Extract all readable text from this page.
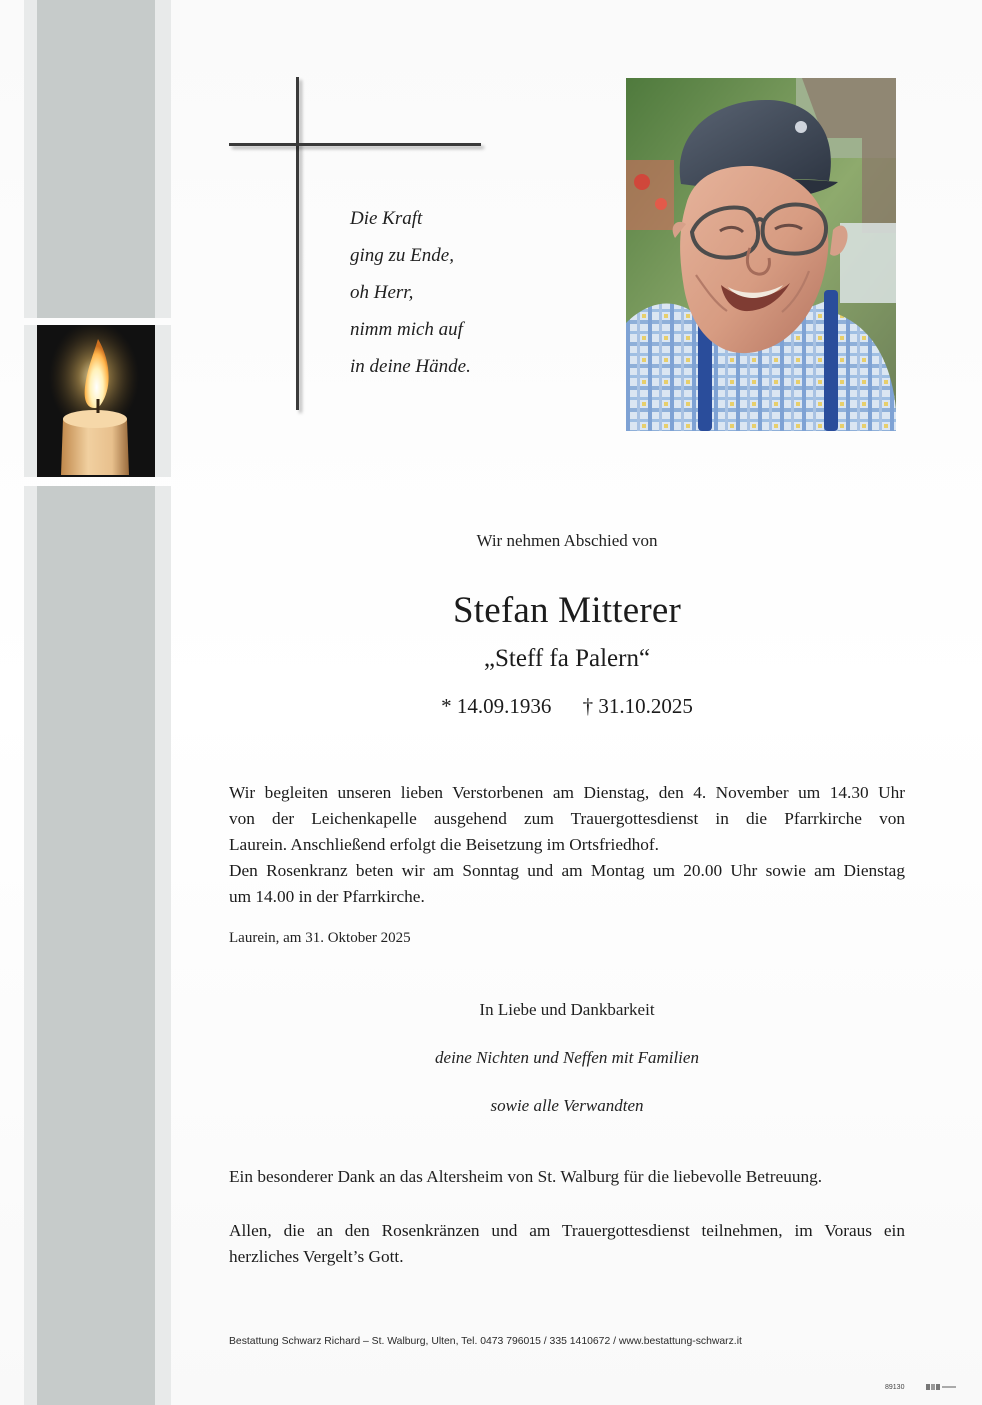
Die Kraft
ging zu Ende,
oh Herr,
nimm mich auf
in deine Hände.
Wir nehmen Abschied von
Stefan Mitterer
„Steff fa Palern“
* 14.09.1936 † 31.10.2025
Wir begleiten unseren lieben Verstorbenen am Dienstag, den 4. November um 14.30 Uhr
von der Leichenkapelle ausgehend zum Trauergottesdienst in die Pfarrkirche von
Laurein. Anschließend erfolgt die Beisetzung im Ortsfriedhof.
Den Rosenkranz beten wir am Sonntag und am Montag um 20.00 Uhr sowie am Dienstag
um 14.00 in der Pfarrkirche.
Laurein, am 31. Oktober 2025
In Liebe und Dankbarkeit
deine Nichten und Neffen mit Familien
sowie alle Verwandten
Ein besonderer Dank an das Altersheim von St. Walburg für die liebevolle Betreuung.
Allen, die an den Rosenkränzen und am Trauergottesdienst teilnehmen, im Voraus ein
herzliches Vergelt’s Gott.
Bestattung Schwarz Richard – St. Walburg, Ulten, Tel. 0473 796015 / 335 1410672 / www.bestattung-schwarz.it
89130
